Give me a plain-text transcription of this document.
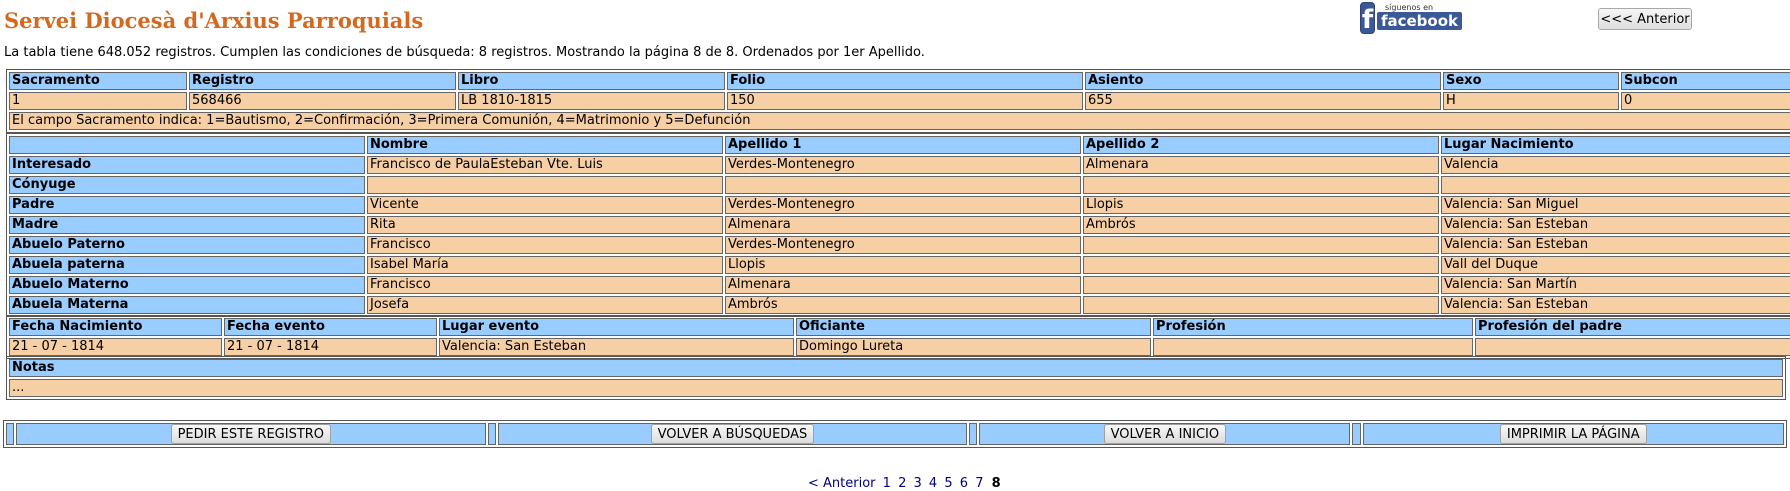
Servei Diocesà d'Arxius Parroquials	f	síguenos en
facebook	<<< Anterior

La tabla tiene 648.052 registros. Cumplen las condiciones de búsqueda: 8 registros. Mostrando la página 8 de 8. Ordenados por 1er Apellido.

Sacramento	Registro	Libro	Folio	Asiento	Sexo	Subcon
1	568466	LB 1810-1815	150	655	H	0
El campo Sacramento indica: 1=Bautismo, 2=Confirmación, 3=Primera Comunión, 4=Matrimonio y 5=Defunción						
	Nombre	Apellido 1	Apellido 2	Lugar Nacimiento
Interesado	Francisco de PaulaEsteban Vte. Luis	Verdes-Montenegro	Almenara	Valencia
Cónyuge				
Padre	Vicente	Verdes-Montenegro	Llopis	Valencia: San Miguel
Madre	Rita	Almenara	Ambrós	Valencia: San Esteban
Abuelo Paterno	Francisco	Verdes-Montenegro		Valencia: San Esteban
Abuela paterna	Isabel María	Llopis		Vall del Duque
Abuelo Materno	Francisco	Almenara		Valencia: San Martín
Abuela Materna	Josefa	Ambrós		Valencia: San Esteban
Fecha Nacimiento	Fecha evento	Lugar evento	Oficiante	Profesión	Profesión del padre
21 - 07 - 1814	21 - 07 - 1814	Valencia: San Esteban	Domingo Lureta		
Notas
...
	PEDIR ESTE REGISTRO		VOLVER A BÚSQUEDAS		VOLVER A INICIO		IMPRIMIR LA PÁGINA
< Anterior 1 2 3 4 5 6 7 8
